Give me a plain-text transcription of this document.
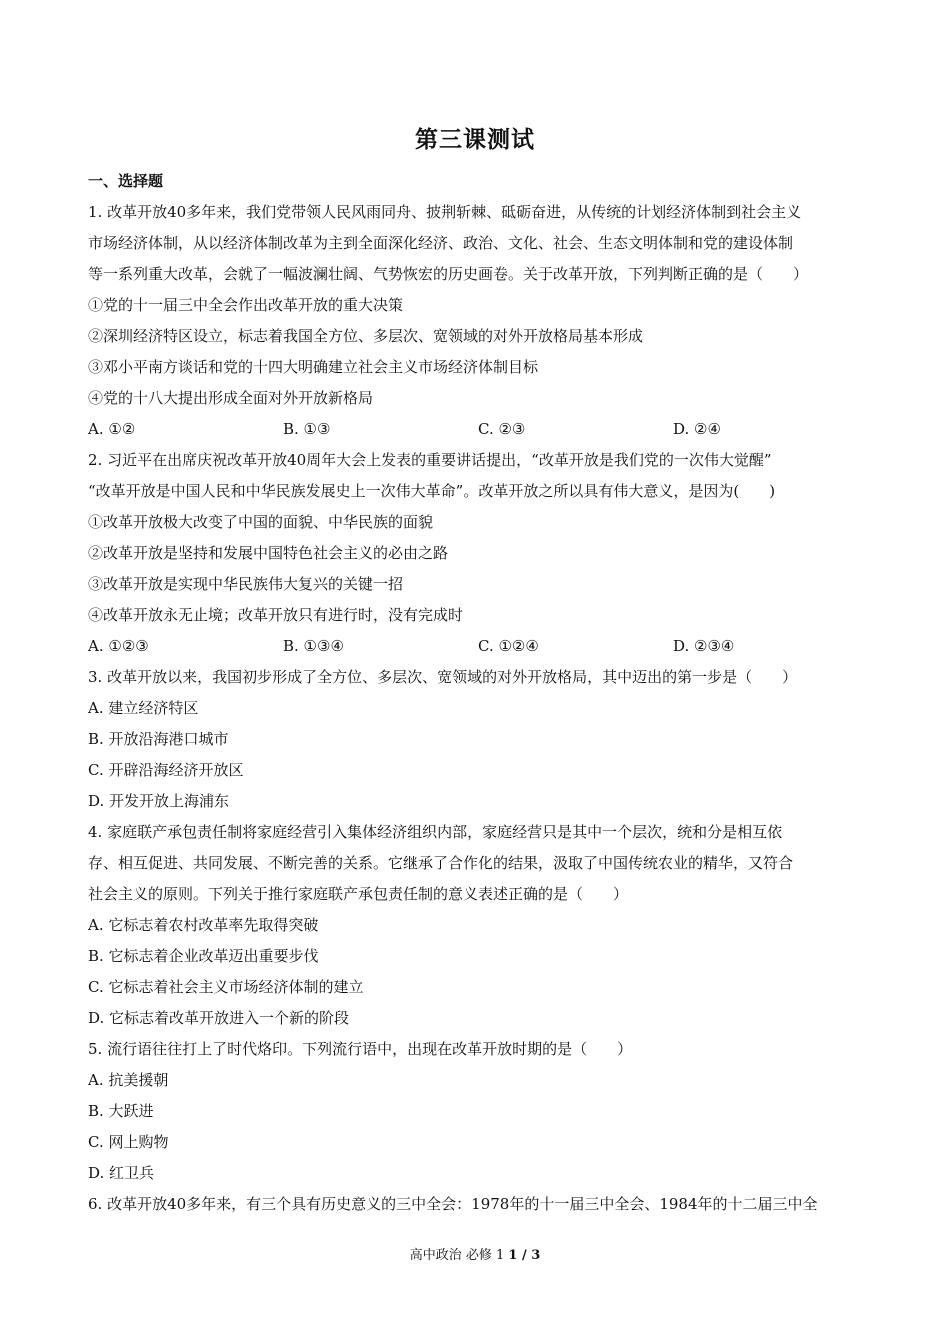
第三课测试
一、选择题
1. 改革开放40多年来，我们党带领人民风雨同舟、披荆斩棘、砥砺奋进，从传统的计划经济体制到社会主义
市场经济体制，从以经济体制改革为主到全面深化经济、政治、文化、社会、生态文明体制和党的建设体制
等一系列重大改革，会就了一幅波澜壮阔、气势恢宏的历史画卷。关于改革开放，下列判断正确的是（　　）
①党的十一届三中全会作出改革开放的重大决策
②深圳经济特区设立，标志着我国全方位、多层次、宽领域的对外开放格局基本形成
③邓小平南方谈话和党的十四大明确建立社会主义市场经济体制目标
④党的十八大提出形成全面对外开放新格局
A. ①②	B. ①③	C. ②③	D. ②④
2. 习近平在出席庆祝改革开放40周年大会上发表的重要讲话提出，“改革开放是我们党的一次伟大觉醒”
“改革开放是中国人民和中华民族发展史上一次伟大革命”。改革开放之所以具有伟大意义，是因为(　　)
①改革开放极大改变了中国的面貌、中华民族的面貌
②改革开放是坚持和发展中国特色社会主义的必由之路
③改革开放是实现中华民族伟大复兴的关键一招
④改革开放永无止境；改革开放只有进行时，没有完成时
A. ①②③	B. ①③④	C. ①②④	D. ②③④
3. 改革开放以来，我国初步形成了全方位、多层次、宽领域的对外开放格局，其中迈出的第一步是（　　）
A. 建立经济特区
B. 开放沿海港口城市
C. 开辟沿海经济开放区
D. 开发开放上海浦东
4. 家庭联产承包责任制将家庭经营引入集体经济组织内部，家庭经营只是其中一个层次，统和分是相互依
存、相互促进、共同发展、不断完善的关系。它继承了合作化的结果，汲取了中国传统农业的精华，又符合
社会主义的原则。下列关于推行家庭联产承包责任制的意义表述正确的是（　　）
A. 它标志着农村改革率先取得突破
B. 它标志着企业改革迈出重要步伐
C. 它标志着社会主义市场经济体制的建立
D. 它标志着改革开放进入一个新的阶段
5. 流行语往往打上了时代烙印。下列流行语中，出现在改革开放时期的是（　　）
A. 抗美援朝
B. 大跃进
C. 网上购物
D. 红卫兵
6. 改革开放40多年来，有三个具有历史意义的三中全会：1978年的十一届三中全会、1984年的十二届三中全
高中政治 必修 1 1 / 3
